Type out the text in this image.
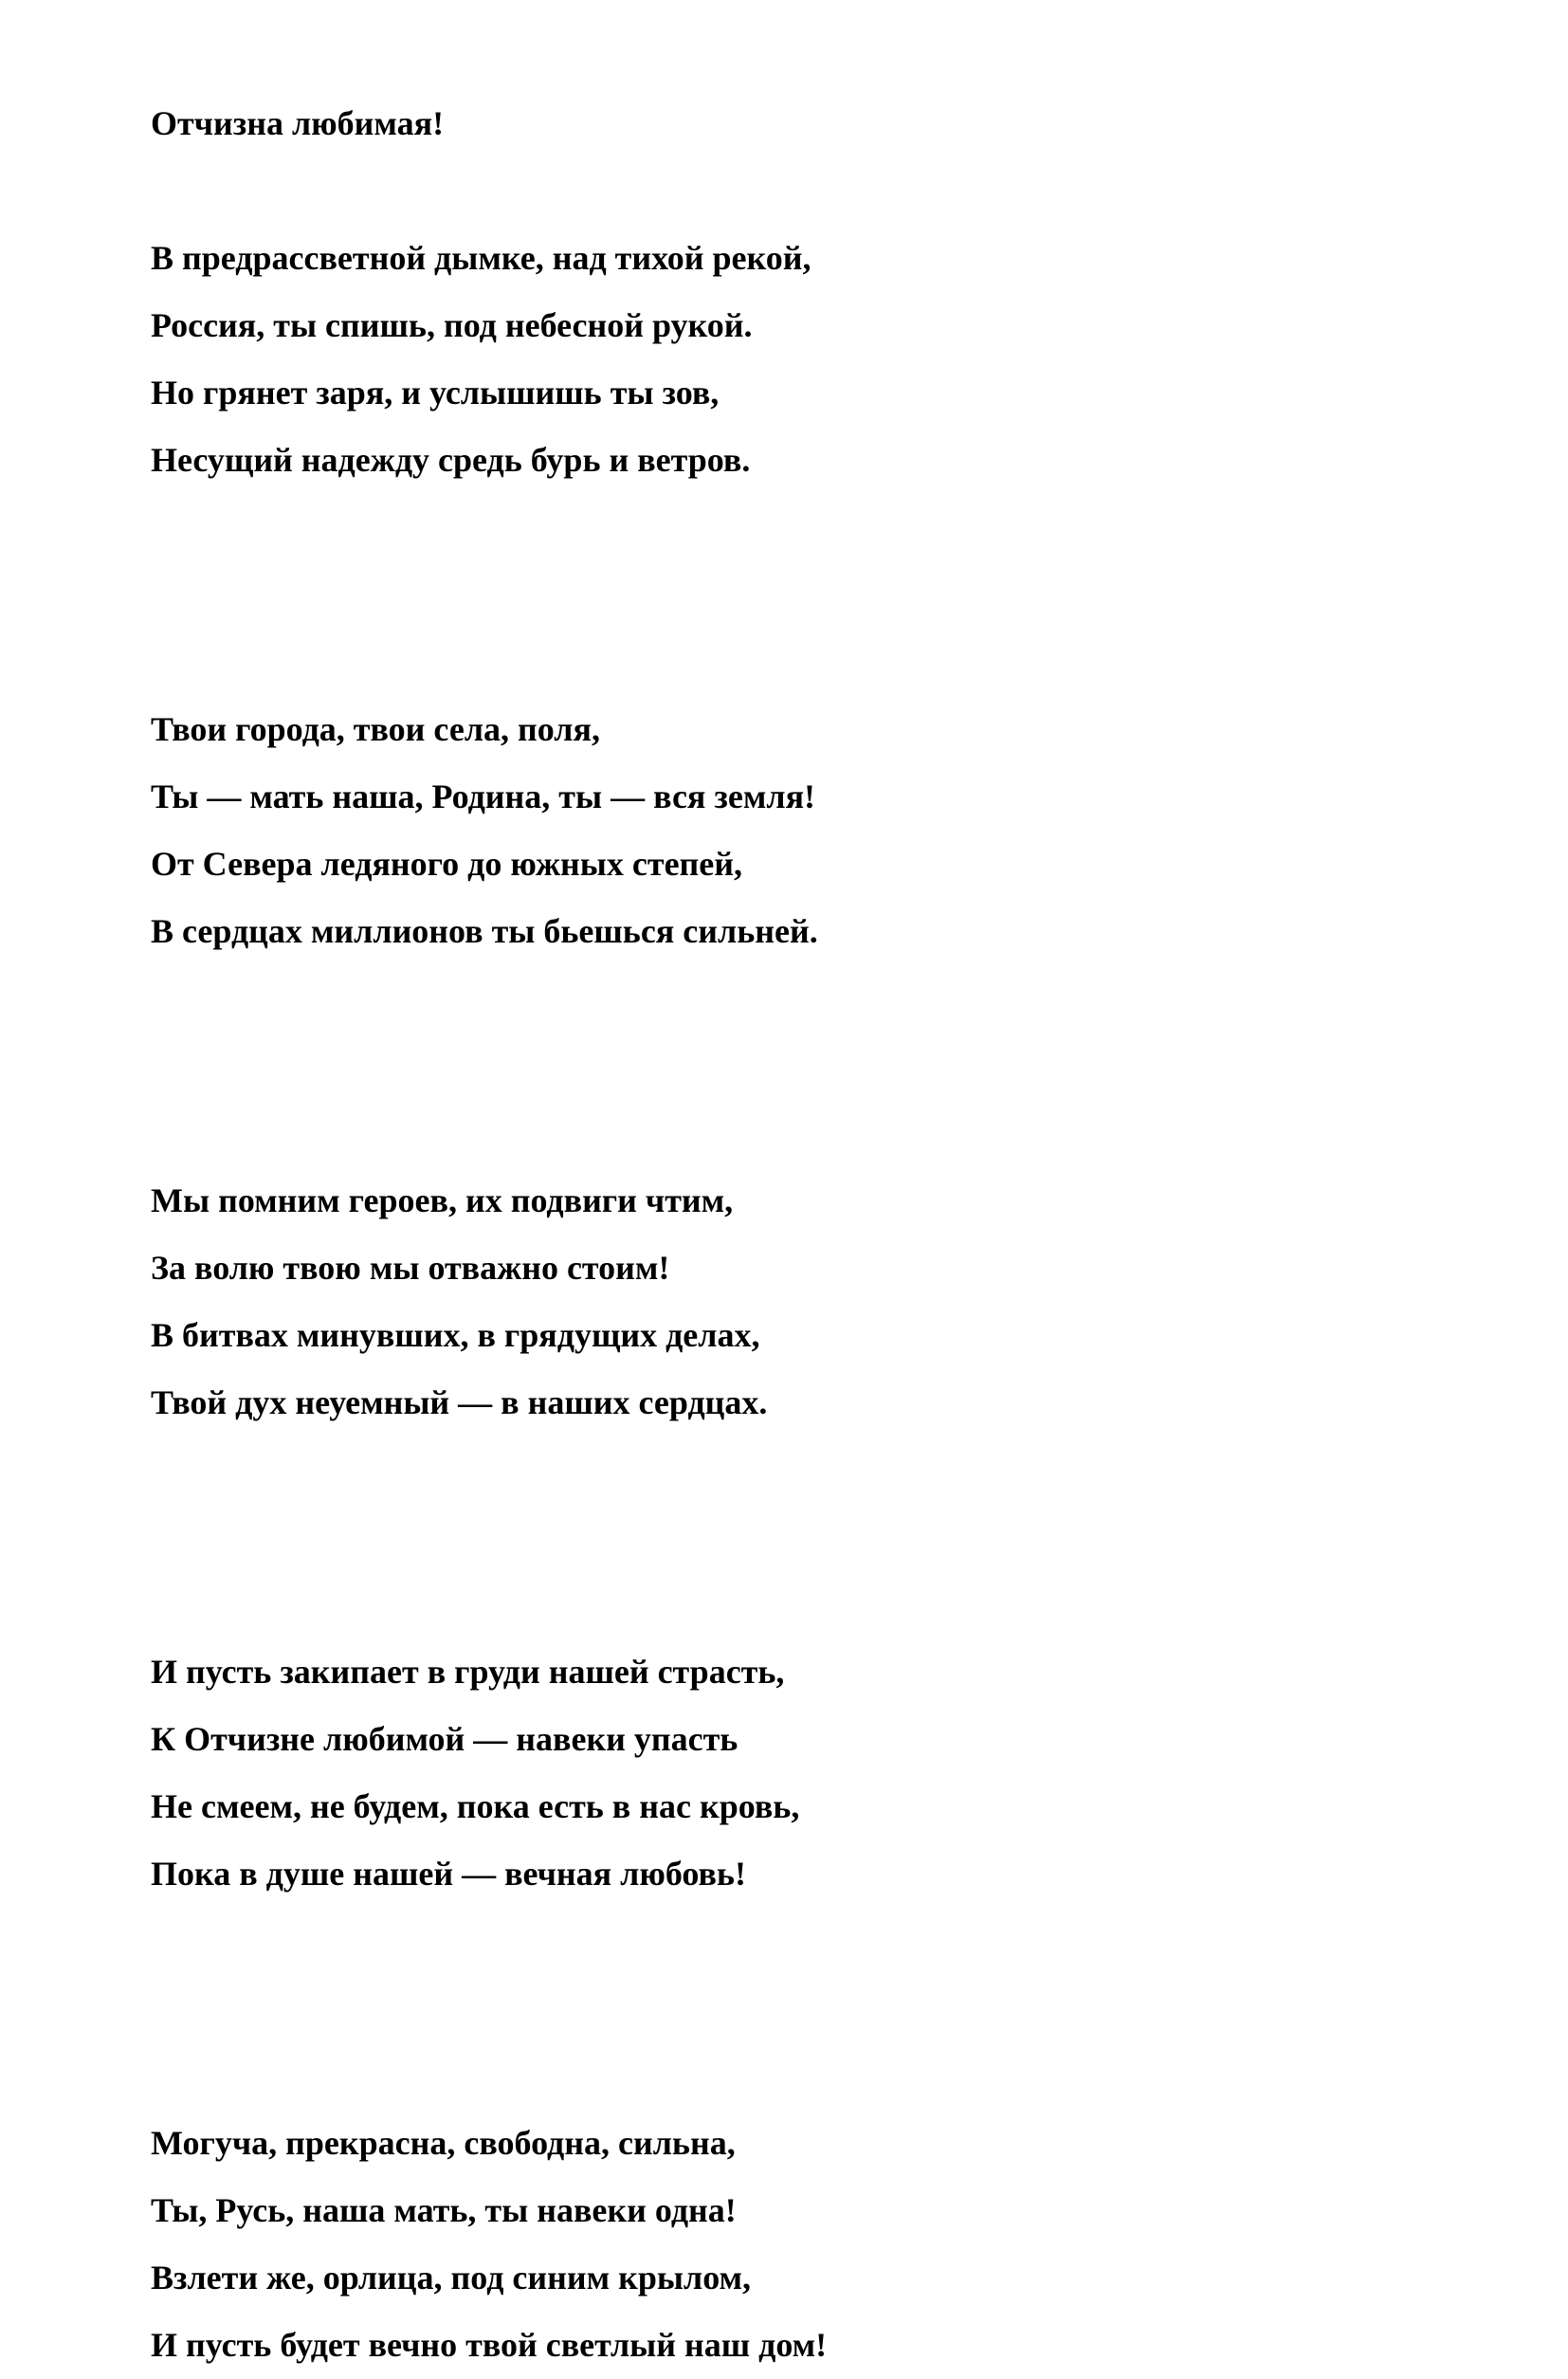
Отчизна любимая!
В предрассветной дымке, над тихой рекой,
Россия, ты спишь, под небесной рукой.
Но грянет заря, и услышишь ты зов,
Несущий надежду средь бурь и ветров.
Твои города, твои села, поля,
Ты — мать наша, Родина, ты — вся земля!
От Севера ледяного до южных степей,
В сердцах миллионов ты бьешься сильней.
Мы помним героев, их подвиги чтим,
За волю твою мы отважно стоим!
В битвах минувших, в грядущих делах,
Твой дух неуемный — в наших сердцах.
И пусть закипает в груди нашей страсть,
К Отчизне любимой — навеки упасть
Не смеем, не будем, пока есть в нас кровь,
Пока в душе нашей — вечная любовь!
Могуча, прекрасна, свободна, сильна,
Ты, Русь, наша мать, ты навеки одна!
Взлети же, орлица, под синим крылом,
И пусть будет вечно твой светлый наш дом!
